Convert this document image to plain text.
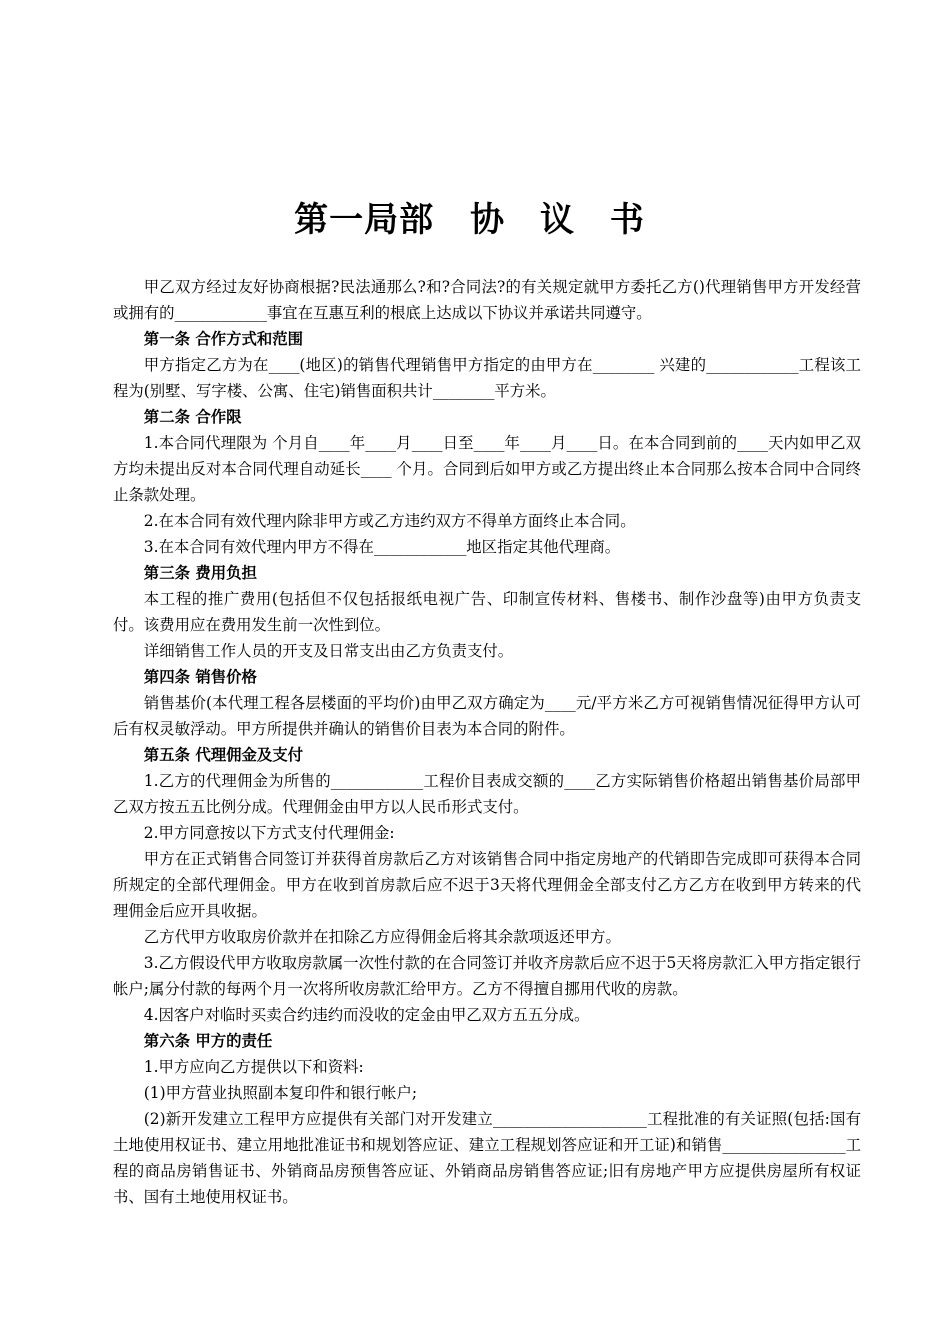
第一局部 协 议 书

甲乙双方经过友好协商根据?民法通那么?和?合同法?的有关规定就甲方委托乙方()代理销售甲方开发经营或拥有的____________事宜在互惠互利的根底上达成以下协议并承诺共同遵守。

第一条 合作方式和范围

甲方指定乙方为在____(地区)的销售代理销售甲方指定的由甲方在________ 兴建的____________工程该工程为(别墅、写字楼、公寓、住宅)销售面积共计________平方米。

第二条 合作限

1.本合同代理限为 个月自____年____月____日至____年____月____日。在本合同到前的____天内如甲乙双方均未提出反对本合同代理自动延长____ 个月。合同到后如甲方或乙方提出终止本合同那么按本合同中合同终止条款处理。

2.在本合同有效代理内除非甲方或乙方违约双方不得单方面终止本合同。

3.在本合同有效代理内甲方不得在____________地区指定其他代理商。

第三条 费用负担

本工程的推广费用(包括但不仅包括报纸电视广告、印制宣传材料、售楼书、制作沙盘等)由甲方负责支付。该费用应在费用发生前一次性到位。

详细销售工作人员的开支及日常支出由乙方负责支付。

第四条 销售价格

销售基价(本代理工程各层楼面的平均价)由甲乙双方确定为____元/平方米乙方可视销售情况征得甲方认可后有权灵敏浮动。甲方所提供并确认的销售价目表为本合同的附件。

第五条 代理佣金及支付

1.乙方的代理佣金为所售的____________工程价目表成交额的____乙方实际销售价格超出销售基价局部甲乙双方按五五比例分成。代理佣金由甲方以人民币形式支付。

2.甲方同意按以下方式支付代理佣金:

甲方在正式销售合同签订并获得首房款后乙方对该销售合同中指定房地产的代销即告完成即可获得本合同所规定的全部代理佣金。甲方在收到首房款后应不迟于3天将代理佣金全部支付乙方乙方在收到甲方转来的代理佣金后应开具收据。

乙方代甲方收取房价款并在扣除乙方应得佣金后将其余款项返还甲方。

3.乙方假设代甲方收取房款属一次性付款的在合同签订并收齐房款后应不迟于5天将房款汇入甲方指定银行帐户;属分付款的每两个月一次将所收房款汇给甲方。乙方不得擅自挪用代收的房款。

4.因客户对临时买卖合约违约而没收的定金由甲乙双方五五分成。

第六条 甲方的责任

1.甲方应向乙方提供以下和资料:

(1)甲方营业执照副本复印件和银行帐户;

(2)新开发建立工程甲方应提供有关部门对开发建立____________________工程批准的有关证照(包括:国有土地使用权证书、建立用地批准证书和规划答应证、建立工程规划答应证和开工证)和销售________________工程的商品房销售证书、外销商品房预售答应证、外销商品房销售答应证;旧有房地产甲方应提供房屋所有权证书、国有土地使用权证书。
